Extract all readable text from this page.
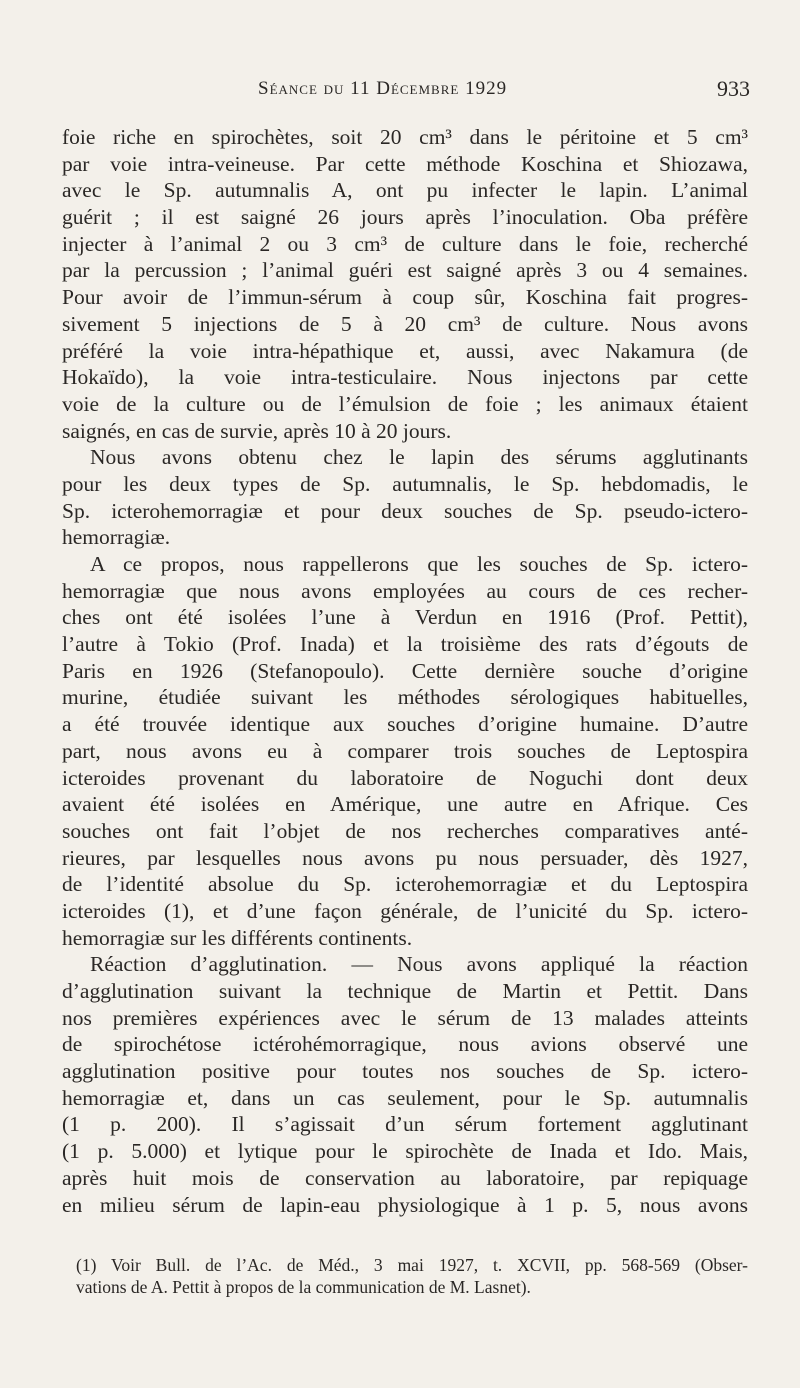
Séance du 11 Décembre 1929	933
foie riche en spirochètes, soit 20 cm³ dans le péritoine et 5 cm³
par voie intra-veineuse. Par cette méthode Koschina et Shiozawa,
avec le Sp. autumnalis A, ont pu infecter le lapin. L’animal
guérit ; il est saigné 26 jours après l’inoculation. Oba préfère
injecter à l’animal 2 ou 3 cm³ de culture dans le foie, recherché
par la percussion ; l’animal guéri est saigné après 3 ou 4 semaines.
Pour avoir de l’immun-sérum à coup sûr, Koschina fait progres-
sivement 5 injections de 5 à 20 cm³ de culture. Nous avons
préféré la voie intra-hépathique et, aussi, avec Nakamura (de
Hokaïdo), la voie intra-testiculaire. Nous injectons par cette
voie de la culture ou de l’émulsion de foie ; les animaux étaient
saignés, en cas de survie, après 10 à 20 jours.
Nous avons obtenu chez le lapin des sérums agglutinants
pour les deux types de Sp. autumnalis, le Sp. hebdomadis, le
Sp. icterohemorragiæ et pour deux souches de Sp. pseudo-ictero-
hemorragiæ.
A ce propos, nous rappellerons que les souches de Sp. ictero-
hemorragiæ que nous avons employées au cours de ces recher-
ches ont été isolées l’une à Verdun en 1916 (Prof. Pettit),
l’autre à Tokio (Prof. Inada) et la troisième des rats d’égouts de
Paris en 1926 (Stefanopoulo). Cette dernière souche d’origine
murine, étudiée suivant les méthodes sérologiques habituelles,
a été trouvée identique aux souches d’origine humaine. D’autre
part, nous avons eu à comparer trois souches de Leptospira
icteroides provenant du laboratoire de Noguchi dont deux
avaient été isolées en Amérique, une autre en Afrique. Ces
souches ont fait l’objet de nos recherches comparatives anté-
rieures, par lesquelles nous avons pu nous persuader, dès 1927,
de l’identité absolue du Sp. icterohemorragiæ et du Leptospira
icteroides (1), et d’une façon générale, de l’unicité du Sp. ictero-
hemorragiæ sur les différents continents.
Réaction d’agglutination. — Nous avons appliqué la réaction
d’agglutination suivant la technique de Martin et Pettit. Dans
nos premières expériences avec le sérum de 13 malades atteints
de spirochétose ictérohémorragique, nous avions observé une
agglutination positive pour toutes nos souches de Sp. ictero-
hemorragiæ et, dans un cas seulement, pour le Sp. autumnalis
(1 p. 200). Il s’agissait d’un sérum fortement agglutinant
(1 p. 5.000) et lytique pour le spirochète de Inada et Ido. Mais,
après huit mois de conservation au laboratoire, par repiquage
en milieu sérum de lapin-eau physiologique à 1 p. 5, nous avons
(1) Voir Bull. de l’Ac. de Méd., 3 mai 1927, t. XCVII, pp. 568-569 (Obser-
vations de A. Pettit à propos de la communication de M. Lasnet).
